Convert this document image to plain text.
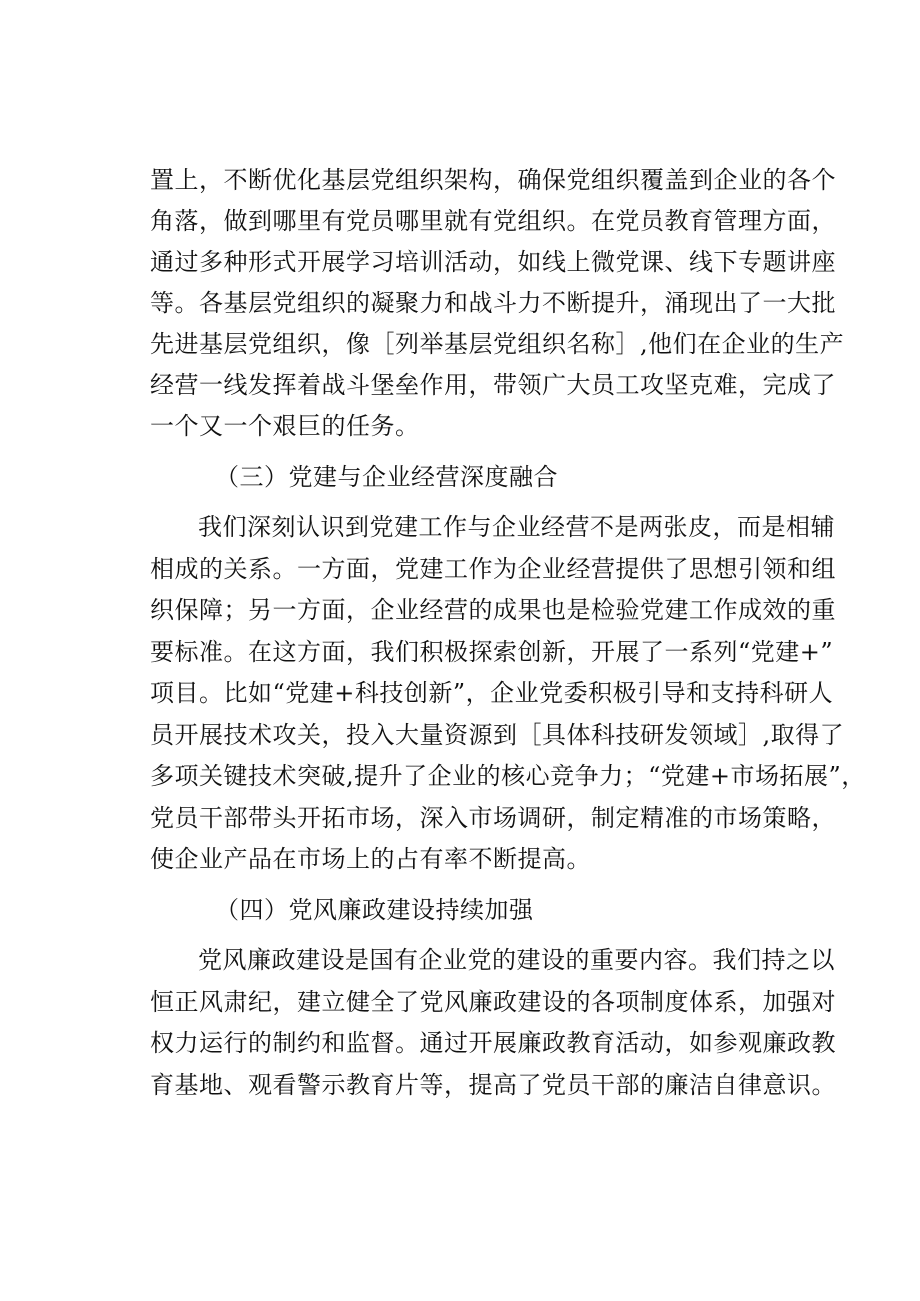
置上，不断优化基层党组织架构，确保党组织覆盖到企业的各个
角落，做到哪里有党员哪里就有党组织。在党员教育管理方面，
通过多种形式开展学习培训活动，如线上微党课、线下专题讲座
等。各基层党组织的凝聚力和战斗力不断提升，涌现出了一大批
先进基层党组织，像［列举基层党组织名称］,他们在企业的生产
经营一线发挥着战斗堡垒作用，带领广大员工攻坚克难，完成了
一个又一个艰巨的任务。
（三）党建与企业经营深度融合
我们深刻认识到党建工作与企业经营不是两张皮，而是相辅
相成的关系。一方面，党建工作为企业经营提供了思想引领和组
织保障；另一方面，企业经营的成果也是检验党建工作成效的重
要标准。在这方面，我们积极探索创新，开展了一系列“党建+”
项目。比如“党建+科技创新”，企业党委积极引导和支持科研人
员开展技术攻关，投入大量资源到［具体科技研发领域］,取得了
多项关键技术突破,提升了企业的核心竞争力；“党建+市场拓展”，
党员干部带头开拓市场，深入市场调研，制定精准的市场策略，
使企业产品在市场上的占有率不断提高。
（四）党风廉政建设持续加强
党风廉政建设是国有企业党的建设的重要内容。我们持之以
恒正风肃纪，建立健全了党风廉政建设的各项制度体系，加强对
权力运行的制约和监督。通过开展廉政教育活动，如参观廉政教
育基地、观看警示教育片等，提高了党员干部的廉洁自律意识。
